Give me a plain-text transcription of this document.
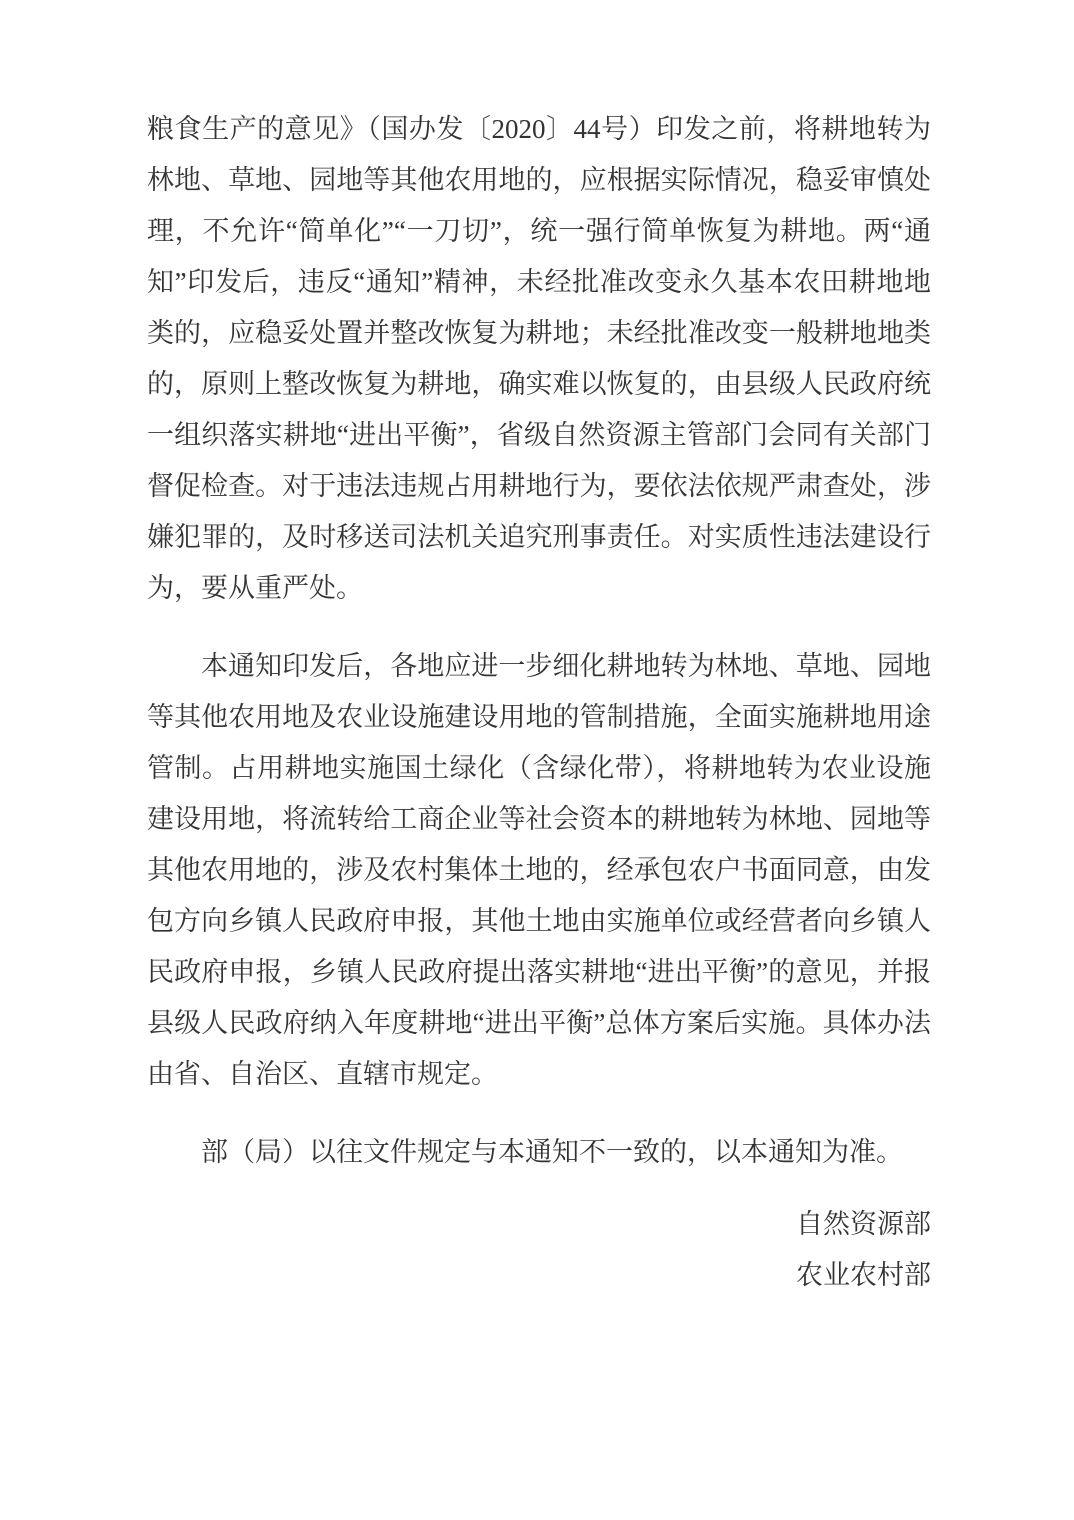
粮食生产的意见》（国办发〔2020〕44号）印发之前，将耕地转为林地、草地、园地等其他农用地的，应根据实际情况，稳妥审慎处理，不允许“简单化”“一刀切”，统一强行简单恢复为耕地。两“通知”印发后，违反“通知”精神，未经批准改变永久基本农田耕地地类的，应稳妥处置并整改恢复为耕地；未经批准改变一般耕地地类的，原则上整改恢复为耕地，确实难以恢复的，由县级人民政府统一组织落实耕地“进出平衡”，省级自然资源主管部门会同有关部门督促检查。对于违法违规占用耕地行为，要依法依规严肃查处，涉嫌犯罪的，及时移送司法机关追究刑事责任。对实质性违法建设行为，要从重严处。

本通知印发后，各地应进一步细化耕地转为林地、草地、园地等其他农用地及农业设施建设用地的管制措施，全面实施耕地用途管制。占用耕地实施国土绿化（含绿化带），将耕地转为农业设施建设用地，将流转给工商企业等社会资本的耕地转为林地、园地等其他农用地的，涉及农村集体土地的，经承包农户书面同意，由发包方向乡镇人民政府申报，其他土地由实施单位或经营者向乡镇人民政府申报，乡镇人民政府提出落实耕地“进出平衡”的意见，并报县级人民政府纳入年度耕地“进出平衡”总体方案后实施。具体办法由省、自治区、直辖市规定。

部（局）以往文件规定与本通知不一致的，以本通知为准。

自然资源部
农业农村部
